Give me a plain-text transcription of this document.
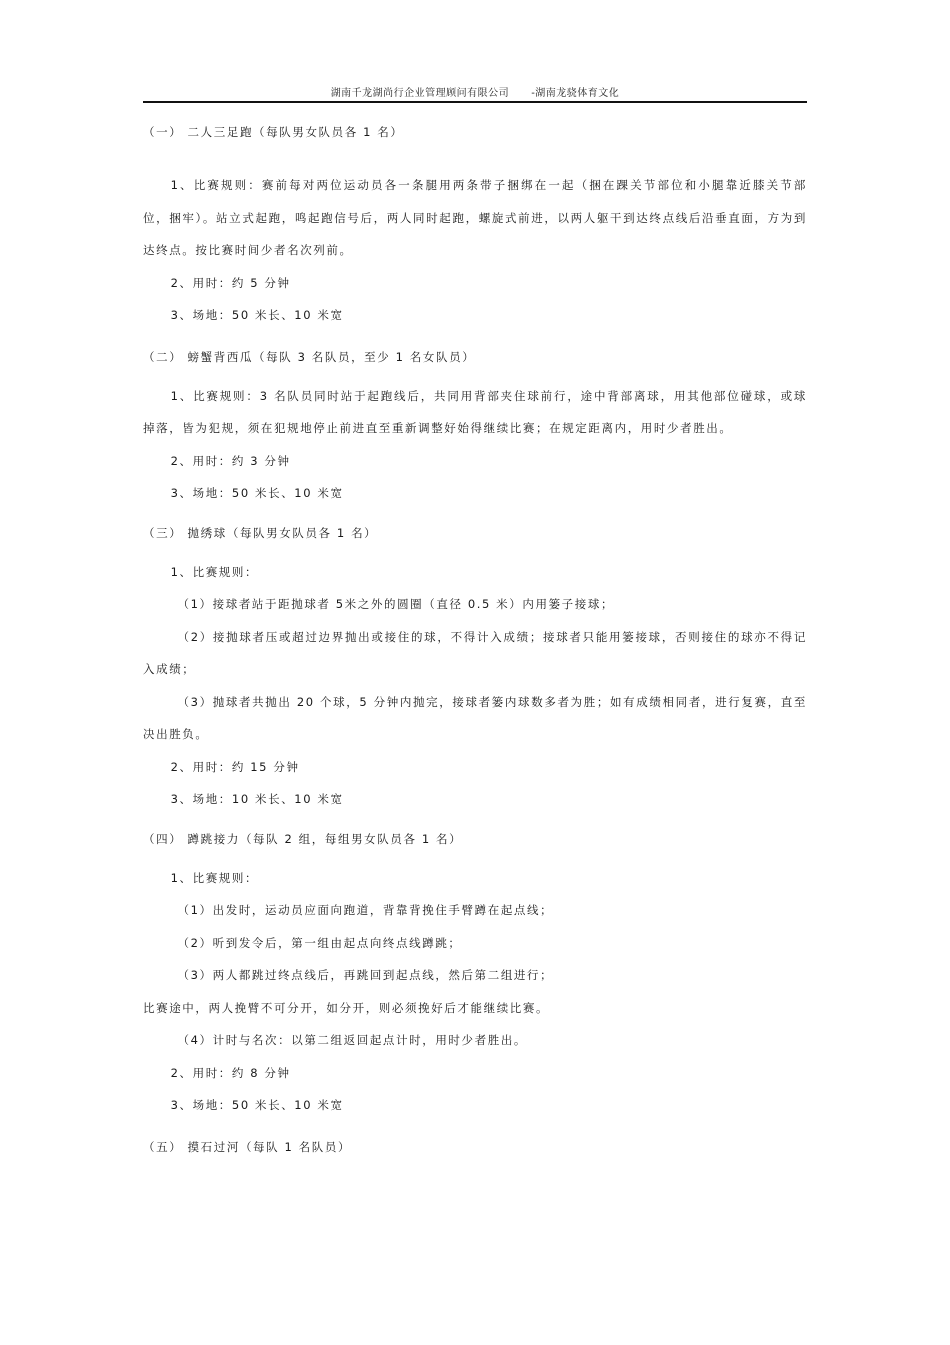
湖南千龙湖尚行企业管理顾问有限公司 -湖南龙骁体育文化

（一） 二人三足跑（每队男女队员各 1 名）

1、比赛规则：赛前每对两位运动员各一条腿用两条带子捆绑在一起（捆在踝关节部位和小腿靠近膝关节部位，捆牢）。站立式起跑，鸣起跑信号后，两人同时起跑，螺旋式前进，以两人躯干到达终点线后沿垂直面，方为到达终点。按比赛时间少者名次列前。

2、用时：约 5 分钟

3、场地：50 米长、10 米宽

（二） 螃蟹背西瓜（每队 3 名队员，至少 1 名女队员）

1、比赛规则：3 名队员同时站于起跑线后，共同用背部夹住球前行，途中背部离球，用其他部位碰球，或球掉落，皆为犯规，须在犯规地停止前进直至重新调整好始得继续比赛；在规定距离内，用时少者胜出。

2、用时：约 3 分钟

3、场地：50 米长、10 米宽

（三） 抛绣球（每队男女队员各 1 名）

1、比赛规则：

（1）接球者站于距抛球者 5米之外的圆圈（直径 0.5 米）内用篓子接球；

（2）接抛球者压或超过边界抛出或接住的球，不得计入成绩；接球者只能用篓接球，否则接住的球亦不得记入成绩；

（3）抛球者共抛出 20 个球，5 分钟内抛完，接球者篓内球数多者为胜；如有成绩相同者，进行复赛，直至决出胜负。

2、用时：约 15 分钟

3、场地：10 米长、10 米宽

（四） 蹲跳接力（每队 2 组，每组男女队员各 1 名）

1、比赛规则：

（1）出发时，运动员应面向跑道，背靠背挽住手臂蹲在起点线；

（2）听到发令后，第一组由起点向终点线蹲跳；

（3）两人都跳过终点线后，再跳回到起点线，然后第二组进行；

比赛途中，两人挽臂不可分开，如分开，则必须挽好后才能继续比赛。

（4）计时与名次：以第二组返回起点计时，用时少者胜出。

2、用时：约 8 分钟

3、场地：50 米长、10 米宽

（五） 摸石过河（每队 1 名队员）
